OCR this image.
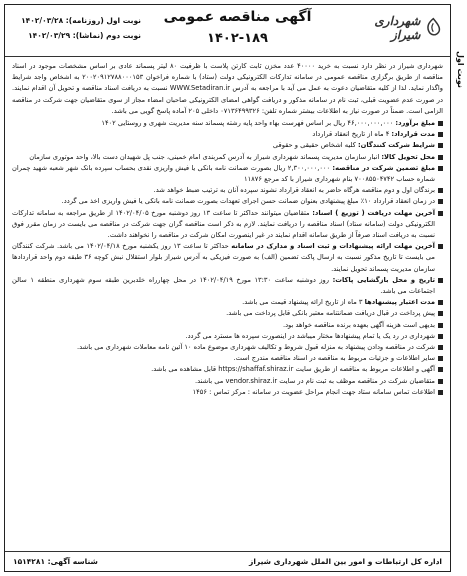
نوبت اول
شهرداری شیراز
آگهی مناقصه عمومی
۱۴۰۲-۱۸۹
نوبت اول (روزنامه): ۱۴۰۲/۰۳/۲۸
نوبت دوم (نماشا): ۱۴۰۲/۰۳/۲۹

شهرداری شیراز در نظر دارد نسبت به خرید ۴۰۰۰۰ عدد مخزن ثابت کارتن پلاست با ظرفیت ۸۰ لیتر پسماند عادی بر اساس مشخصات موجود در اسناد مناقصه از طریق برگزاری مناقصه عمومی در سامانه تدارکات الکترونیکی دولت (ستاد) با شماره فراخوان ۲۰۰۲۰۹۱۲۷۸۸۰۰۰۱۵۳ به اشخاص واجد شرایط واگذار نماید. لذا از کلیه متقاضیان دعوت به عمل می آید با مراجعه به آدرس WWW.Setadiran.ir نسبت به دریافت اسناد مناقصه و تحویل آن اقدام نمایند. در صورت عدم عضویت قبلی، ثبت نام در سامانه مذکور و دریافت گواهی امضای الکترونیکی صاحبان امضاء مجاز از سوی متقاضیان جهت شرکت در مناقصه الزامی است. ضمناً در صورت نیاز به اطلاعات بیشتر شماره تلفن: ۰۷۱۳۶۴۹۹۳۲۶ داخلی ۲۰۵ آماده پاسخ گویی می باشد.

مبلغ برآورد: ۴۶,۰۰۰,۰۰۰,۰۰۰ ریال بر اساس فهرست بهاء واحد پایه رشته پسماند سنه مدیریت شهری و روستایی ۱۴۰۲
مدت قرارداد: ۴ ماه از تاریخ انعقاد قرارداد
شرایط شرکت کنندگان: کلیه اشخاص حقیقی و حقوقی
محل تحویل کالا: انبار سازمان مدیریت پسماند شهرداری شیراز به آدرس کمربندی امام خمینی، جنب پل شهیدان دست بالا، واحد موتوری سازمان
مبلغ تضمین شرکت در مناقصه: ۲,۳۰۰,۰۰۰,۰۰۰ ریال بصورت ضمانت نامه بانکی یا فیش واریزی نقدی بحساب سپرده بانک شهر شعبه شهید چمران شماره حساب ۷۰۰۸۵۵۰۴۷۴۲ بنام شهرداری شیراز با کد مرجع ۱۱۸۷۶
برندگان اول و دوم مناقصه هرگاه حاضر به انعقاد قرارداد نشوند سپرده آنان به ترتیب ضبط خواهد شد.
در زمان انعقاد قرارداد ۱۰٪ مبلغ پیشنهادی بعنوان ضمانت حسن اجرای تعهدات بصورت ضمانت نامه بانکی یا فیش واریزی اخذ می گردد.
آخرین مهلت دریافت ( توزیع ) اسناد: متقاضیان میتوانند حداکثر تا ساعت ۱۳ روز دوشنبه مورخ ۱۴۰۲/۰۴/۰۵ از طریق مراجعه به سامانه تدارکات الکترونیکی دولت (سامانه ستاد) اسناد مناقصه را دریافت نمایند. لازم به ذکر است مناقصه گران جهت شرکت در مناقصه می بایست در زمان مقرر فوق نسبت به دریافت اسناد صرفاً از طریق سامانه اقدام نمایند در غیر اینصورت امکان شرکت در مناقصه را نخواهند داشت.
آخرین مهلت ارائه پیشنهادات و ثبت اسناد و مدارک در سامانه حداکثر تا ساعت ۱۳ روز یکشنبه مورخ ۱۴۰۲/۰۴/۱۸ می باشد. شرکت کنندگان می بایست تا تاریخ مذکور نسبت به ارسال پاکت تضمین (الف) به صورت فیزیکی به آدرس شیراز بلوار استقلال نبش کوچه ۳۶ طبقه دوم واحد قراردادها سازمان مدیریت پسماند تحویل نمایند.
تاریخ و محل بازگشایی پاکات: روز دوشنبه ساعت ۱۳:۳۰ مورخ ۱۴۰۲/۰۴/۱۹ در محل چهارراه خلدبرین طبقه سوم شهرداری منطقه ۱ سالن اجتماعات می باشد.
مدت اعتبار پیشنهادها ۳ ماه از تاریخ ارائه پیشنهاد قیمت می باشد.
پیش پرداخت در قبال دریافت ضمانتنامه معتبر بانکی قابل پرداخت می باشد.
بدیهی است هزینه آگهی بعهده برنده مناقصه خواهد بود.
شهرداری در رد یک یا تمام پیشنهادها مختار میباشد در اینصورت سپرده ها مسترد می گردد.
شرکت در مناقصه ودادن پیشنهاد به منزله قبول شروط و تکالیف شهرداری موضوع ماده ۱۰ آئین نامه معاملات شهرداری می باشد.
سایر اطلاعات و جزئیات مربوط به مناقصه در اسناد مناقصه مندرج است.
آگهی و اطلاعات مربوط به مناقصه از طریق سایت https://shaffaf.shiraz.ir قابل مشاهده می باشد.
متقاضیان شرکت در مناقصه موظف به ثبت نام در سایت vendor.shiraz.ir می باشند.
اطلاعات تماس سامانه ستاد جهت انجام مراحل عضویت در سامانه : مرکز تماس : ۱۴۵۶
اداره کل ارتباطات و امور بین الملل شهرداری شیراز
شناسه آگهی: ۱۵۱۴۲۸۱
